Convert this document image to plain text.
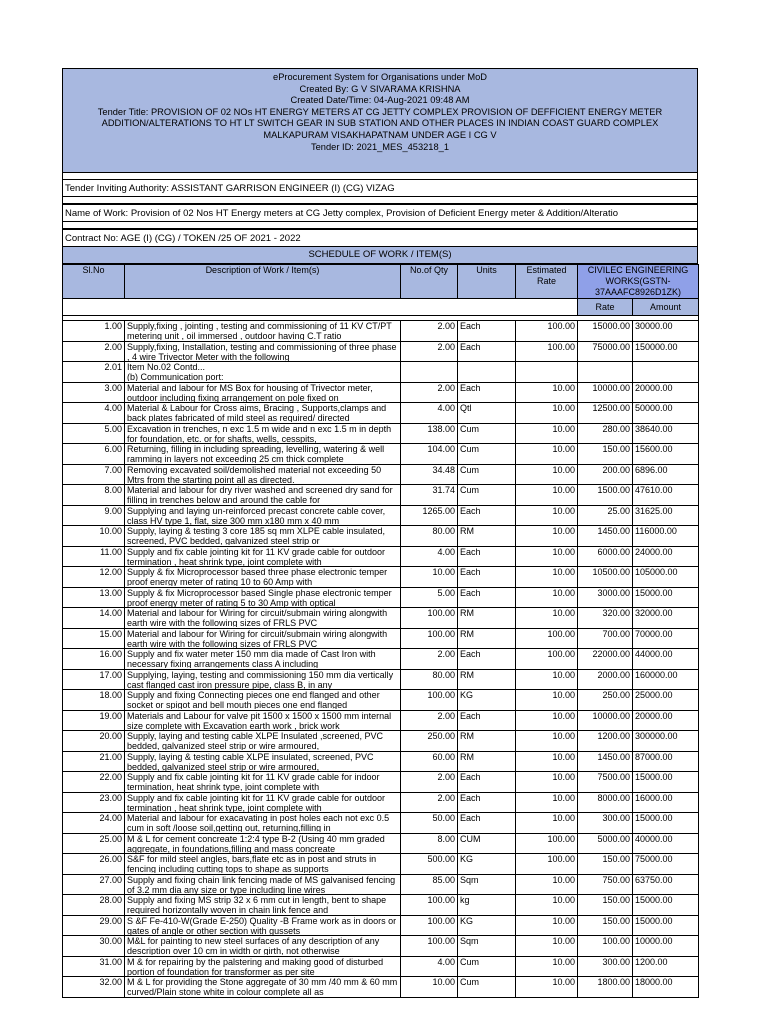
eProcurement System for Organisations under MoD
Created By: G V SIVARAMA KRISHNA
Created Date/Time: 04-Aug-2021 09:48 AM
Tender Title: PROVISION OF 02 NOs HT ENERGY METERS AT CG JETTY COMPLEX PROVISION OF DEFFICIENT ENERGY METER
ADDITION/ALTERATIONS TO HT LT SWITCH GEAR IN SUB STATION AND OTHER PLACES IN INDIAN COAST GUARD COMPLEX
MALKAPURAM VISAKHAPATNAM UNDER AGE I CG V
Tender ID: 2021_MES_453218_1
Tender Inviting Authority: ASSISTANT GARRISON ENGINEER (I) (CG) VIZAG
Name of Work: Provision of 02 Nos HT Energy meters at CG Jetty complex, Provision of Deficient Energy meter & Addition/Alteratio
Contract No: AGE (I) (CG) / TOKEN /25 OF 2021 - 2022
SCHEDULE OF WORK / ITEM(S)
Sl.No	Description of Work / Item(s)	No.of Qty	Units	Estimated Rate	CIVILEC ENGINEERING WORKS(GSTN-37AAAFC8926D1ZK)	
					Rate	Amount

1.00	Supply,fixing , jointing , testing and commissioning of 11 KV CT/PT metering unit , oil immersed , outdoor having C.T ratio	2.00	Each	100.00	15000.00	30000.00
2.00	Supply,fixing, Installation, testing and commissioning of three phase , 4 wire Trivector Meter with the following	2.00	Each	100.00	75000.00	150000.00
2.01	Item No.02 Contd...
(b) Communication port:					

3.00	Material and labour for MS Box for housing of Trivector meter, outdoor including fixing arrangement on pole fixed on	2.00	Each	10.00	10000.00	20000.00
4.00	Material & Labour for Cross aims, Bracing , Supports,clamps and back plates fabricated of mild steel as required/ directed	4.00	Qtl	10.00	12500.00	50000.00
5.00	Excavation in trenches, n exc 1.5 m wide and n exc 1.5 m in depth for foundation, etc. or for shafts, wells, cesspits,	138.00	Cum	10.00	280.00	38640.00
6.00	Returning, filling in including spreading, levelling, watering & well ramming in layers not exceeding 25 cm thick complete	104.00	Cum	10.00	150.00	15600.00
7.00	Removing excavated soil/demolished material not exceeding 50 Mtrs from the starting point all as directed.	34.48	Cum	10.00	200.00	6896.00
8.00	Material and labour for dry river washed and screened dry sand for filling in trenches below and around the cable for	31.74	Cum	10.00	1500.00	47610.00
9.00	Supplying and laying un-reinforced precast concrete cable cover, class HV type 1, flat, size 300 mm x180 mm x 40 mm	1265.00	Each	10.00	25.00	31625.00
10.00	Supply, laying & testing 3 core 185 sq mm XLPE cable insulated, screened, PVC bedded, galvanized steel strip or	80.00	RM	10.00	1450.00	116000.00
11.00	Supply and fix cable jointing kit for 11 KV grade cable for outdoor termination , heat shrink type, joint complete with	4.00	Each	10.00	6000.00	24000.00
12.00	Supply & fix Microprocessor based three phase electronic temper proof energy meter of rating 10 to 60 Amp with	10.00	Each	10.00	10500.00	105000.00
13.00	Supply & fix Microprocessor based Single phase electronic temper proof energy meter of rating 5 to 30 Amp with optical	5.00	Each	10.00	3000.00	15000.00
14.00	Material and labour for Wiring for circuit/submain wiring alongwith earth wire with the following sizes of FRLS PVC	100.00	RM	10.00	320.00	32000.00
15.00	Material and labour for Wiring for circuit/submain wiring alongwith earth wire with the following sizes of FRLS PVC	100.00	RM	100.00	700.00	70000.00
16.00	Supply and fix water meter 150 mm dia made of Cast Iron with necessary fixing arrangements class A including	2.00	Each	100.00	22000.00	44000.00
17.00	Supplying, laying, testing and commissioning 150 mm dia vertically cast flanged cast iron pressure pipe, class B, in any	80.00	RM	10.00	2000.00	160000.00
18.00	Supply and fixing Connecting pieces one end flanged and other socket or spigot and bell mouth pieces one end flanged	100.00	KG	10.00	250.00	25000.00
19.00	Materials and Labour for valve pit 1500 x 1500 x 1500 mm internal size complete with Excavation earth work , brick work	2.00	Each	10.00	10000.00	20000.00
20.00	Supply, laying and testing cable XLPE Insulated ,screened, PVC bedded, galvanized steel strip or wire armoured,	250.00	RM	10.00	1200.00	300000.00
21.00	Supply, laying & testing cable XLPE insulated, screened, PVC bedded, galvanized steel strip or wire armoured,	60.00	RM	10.00	1450.00	87000.00
22.00	Supply and fix cable jointing kit for 11 KV grade cable for indoor termination, heat shrink type, joint complete with	2.00	Each	10.00	7500.00	15000.00
23.00	Supply and fix cable jointing kit for 11 KV grade cable for outdoor termination , heat shrink type, joint complete with	2.00	Each	10.00	8000.00	16000.00
24.00	Material and labour for exacavating in post holes each not exc 0.5 cum in soft /loose soil,getting out, returning,filling in	50.00	Each	10.00	300.00	15000.00
25.00	M & L for cement concreate 1:2:4 type B-2 (Using 40 mm graded aggregate, in foundations,filling and mass concreate	8.00	CUM	100.00	5000.00	40000.00
26.00	S&F for mild steel angles, bars,flate etc as in post and struts in fencing including cutting tops to shape as supports	500.00	KG	100.00	150.00	75000.00
27.00	Supply and fixing chain link fencing made of MS galvanised fencing of 3.2 mm dia any size or type including line wires	85.00	Sqm	10.00	750.00	63750.00
28.00	Supply and fixing MS strip 32 x 6 mm cut in length, bent to shape required horizontally woven in chain link fence and	100.00	kg	10.00	150.00	15000.00
29.00	S &F Fe-410-W(Grade E-250) Quality -B Frame work as in doors or gates of angle or other section with gussets	100.00	KG	10.00	150.00	15000.00
30.00	M&L for painting to new steel surfaces of any description of any description over 10 cm in width or girth, not otherwise	100.00	Sqm	10.00	100.00	10000.00
31.00	M & for repairing by the palstering and making good of disturbed portion of foundation for transformer as per site	4.00	Cum	10.00	300.00	1200.00
32.00	M & L for providing the Stone aggregate of 30 mm /40 mm & 60 mm curved/Plain stone white in colour complete all as	10.00	Cum	10.00	1800.00	18000.00
